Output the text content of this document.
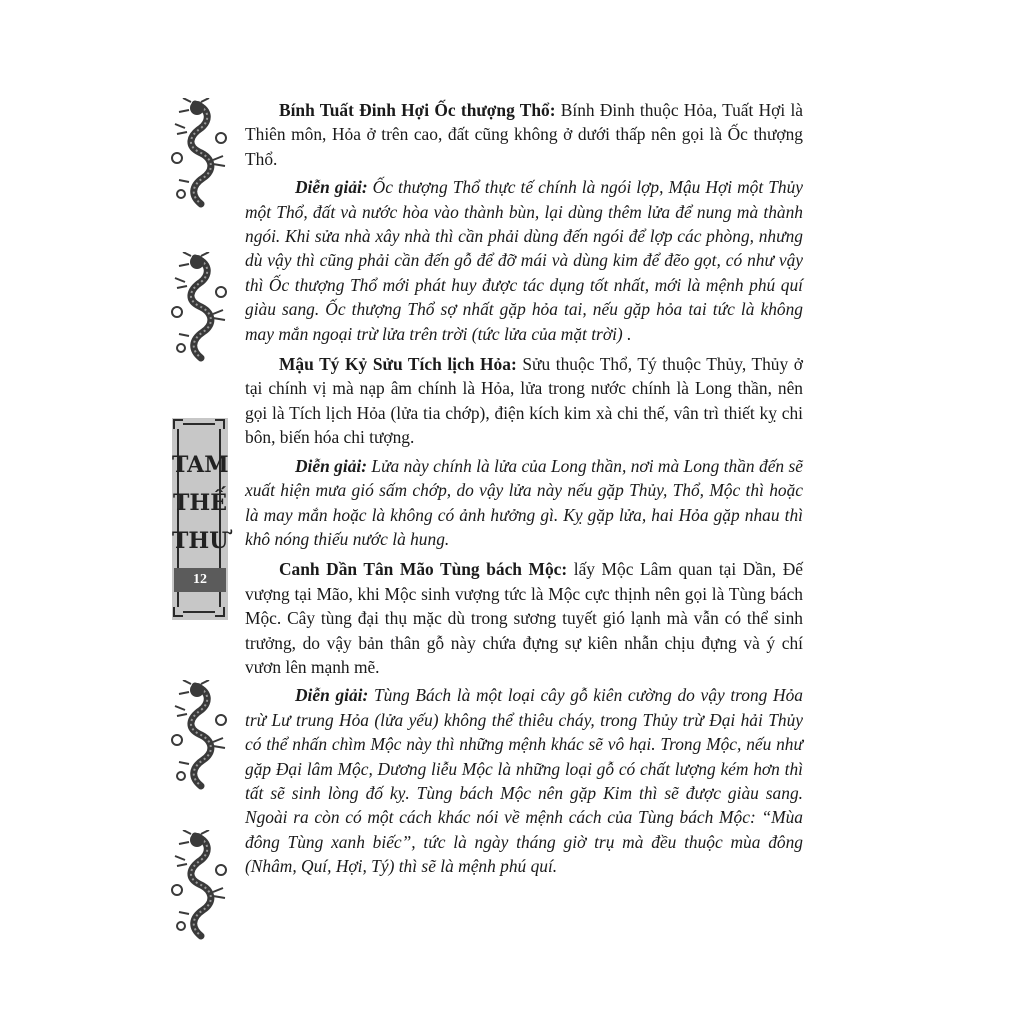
TAM
THẾ
THƯ
12

Bính Tuất Đinh Hợi Ốc thượng Thổ: Bính Đinh thuộc Hỏa, Tuất Hợi là Thiên môn, Hỏa ở trên cao, đất cũng không ở dưới thấp nên gọi là Ốc thượng Thổ.

Diễn giải: Ốc thượng Thổ thực tế chính là ngói lợp, Mậu Hợi một Thủy một Thổ, đất và nước hòa vào thành bùn, lại dùng thêm lửa để nung mà thành ngói. Khi sửa nhà xây nhà thì cần phải dùng đến ngói để lợp các phòng, nhưng dù vậy thì cũng phải cần đến gỗ để đỡ mái và dùng kim để đẽo gọt, có như vậy thì Ốc thượng Thổ mới phát huy được tác dụng tốt nhất, mới là mệnh phú quí giàu sang. Ốc thượng Thổ sợ nhất gặp hỏa tai, nếu gặp hỏa tai tức là không may mắn ngoại trừ lửa trên trời (tức lửa của mặt trời) .

Mậu Tý Kỷ Sửu Tích lịch Hỏa: Sửu thuộc Thổ, Tý thuộc Thủy, Thủy ở tại chính vị mà nạp âm chính là Hỏa, lửa trong nước chính là Long thần, nên gọi là Tích lịch Hỏa (lửa tia chớp), điện kích kim xà chi thế, vân trì thiết kỵ chi bôn, biến hóa chi tượng.

Diễn giải: Lửa này chính là lửa của Long thần, nơi mà Long thần đến sẽ xuất hiện mưa gió sấm chớp, do vậy lửa này nếu gặp Thủy, Thổ, Mộc thì hoặc là may mắn hoặc là không có ảnh hưởng gì. Kỵ gặp lửa, hai Hỏa gặp nhau thì khô nóng thiếu nước là hung.

Canh Dần Tân Mão Tùng bách Mộc: lấy Mộc Lâm quan tại Dần, Đế vượng tại Mão, khi Mộc sinh vượng tức là Mộc cực thịnh nên gọi là Tùng bách Mộc. Cây tùng đại thụ mặc dù trong sương tuyết gió lạnh mà vẫn có thể sinh trưởng, do vậy bản thân gỗ này chứa đựng sự kiên nhẫn chịu đựng và ý chí vươn lên mạnh mẽ.

Diễn giải: Tùng Bách là một loại cây gỗ kiên cường do vậy trong Hỏa trừ Lư trung Hỏa (lửa yếu) không thể thiêu cháy, trong Thủy trừ Đại hải Thủy có thể nhấn chìm Mộc này thì những mệnh khác sẽ vô hại. Trong Mộc, nếu như gặp Đại lâm Mộc, Dương liễu Mộc là những loại gỗ có chất lượng kém hơn thì tất sẽ sinh lòng đố kỵ. Tùng bách Mộc nên gặp Kim thì sẽ được giàu sang. Ngoài ra còn có một cách khác nói về mệnh cách của Tùng bách Mộc: “Mùa đông Tùng xanh biếc”, tức là ngày tháng giờ trụ mà đều thuộc mùa đông (Nhâm, Quí, Hợi, Tý) thì sẽ là mệnh phú quí.
